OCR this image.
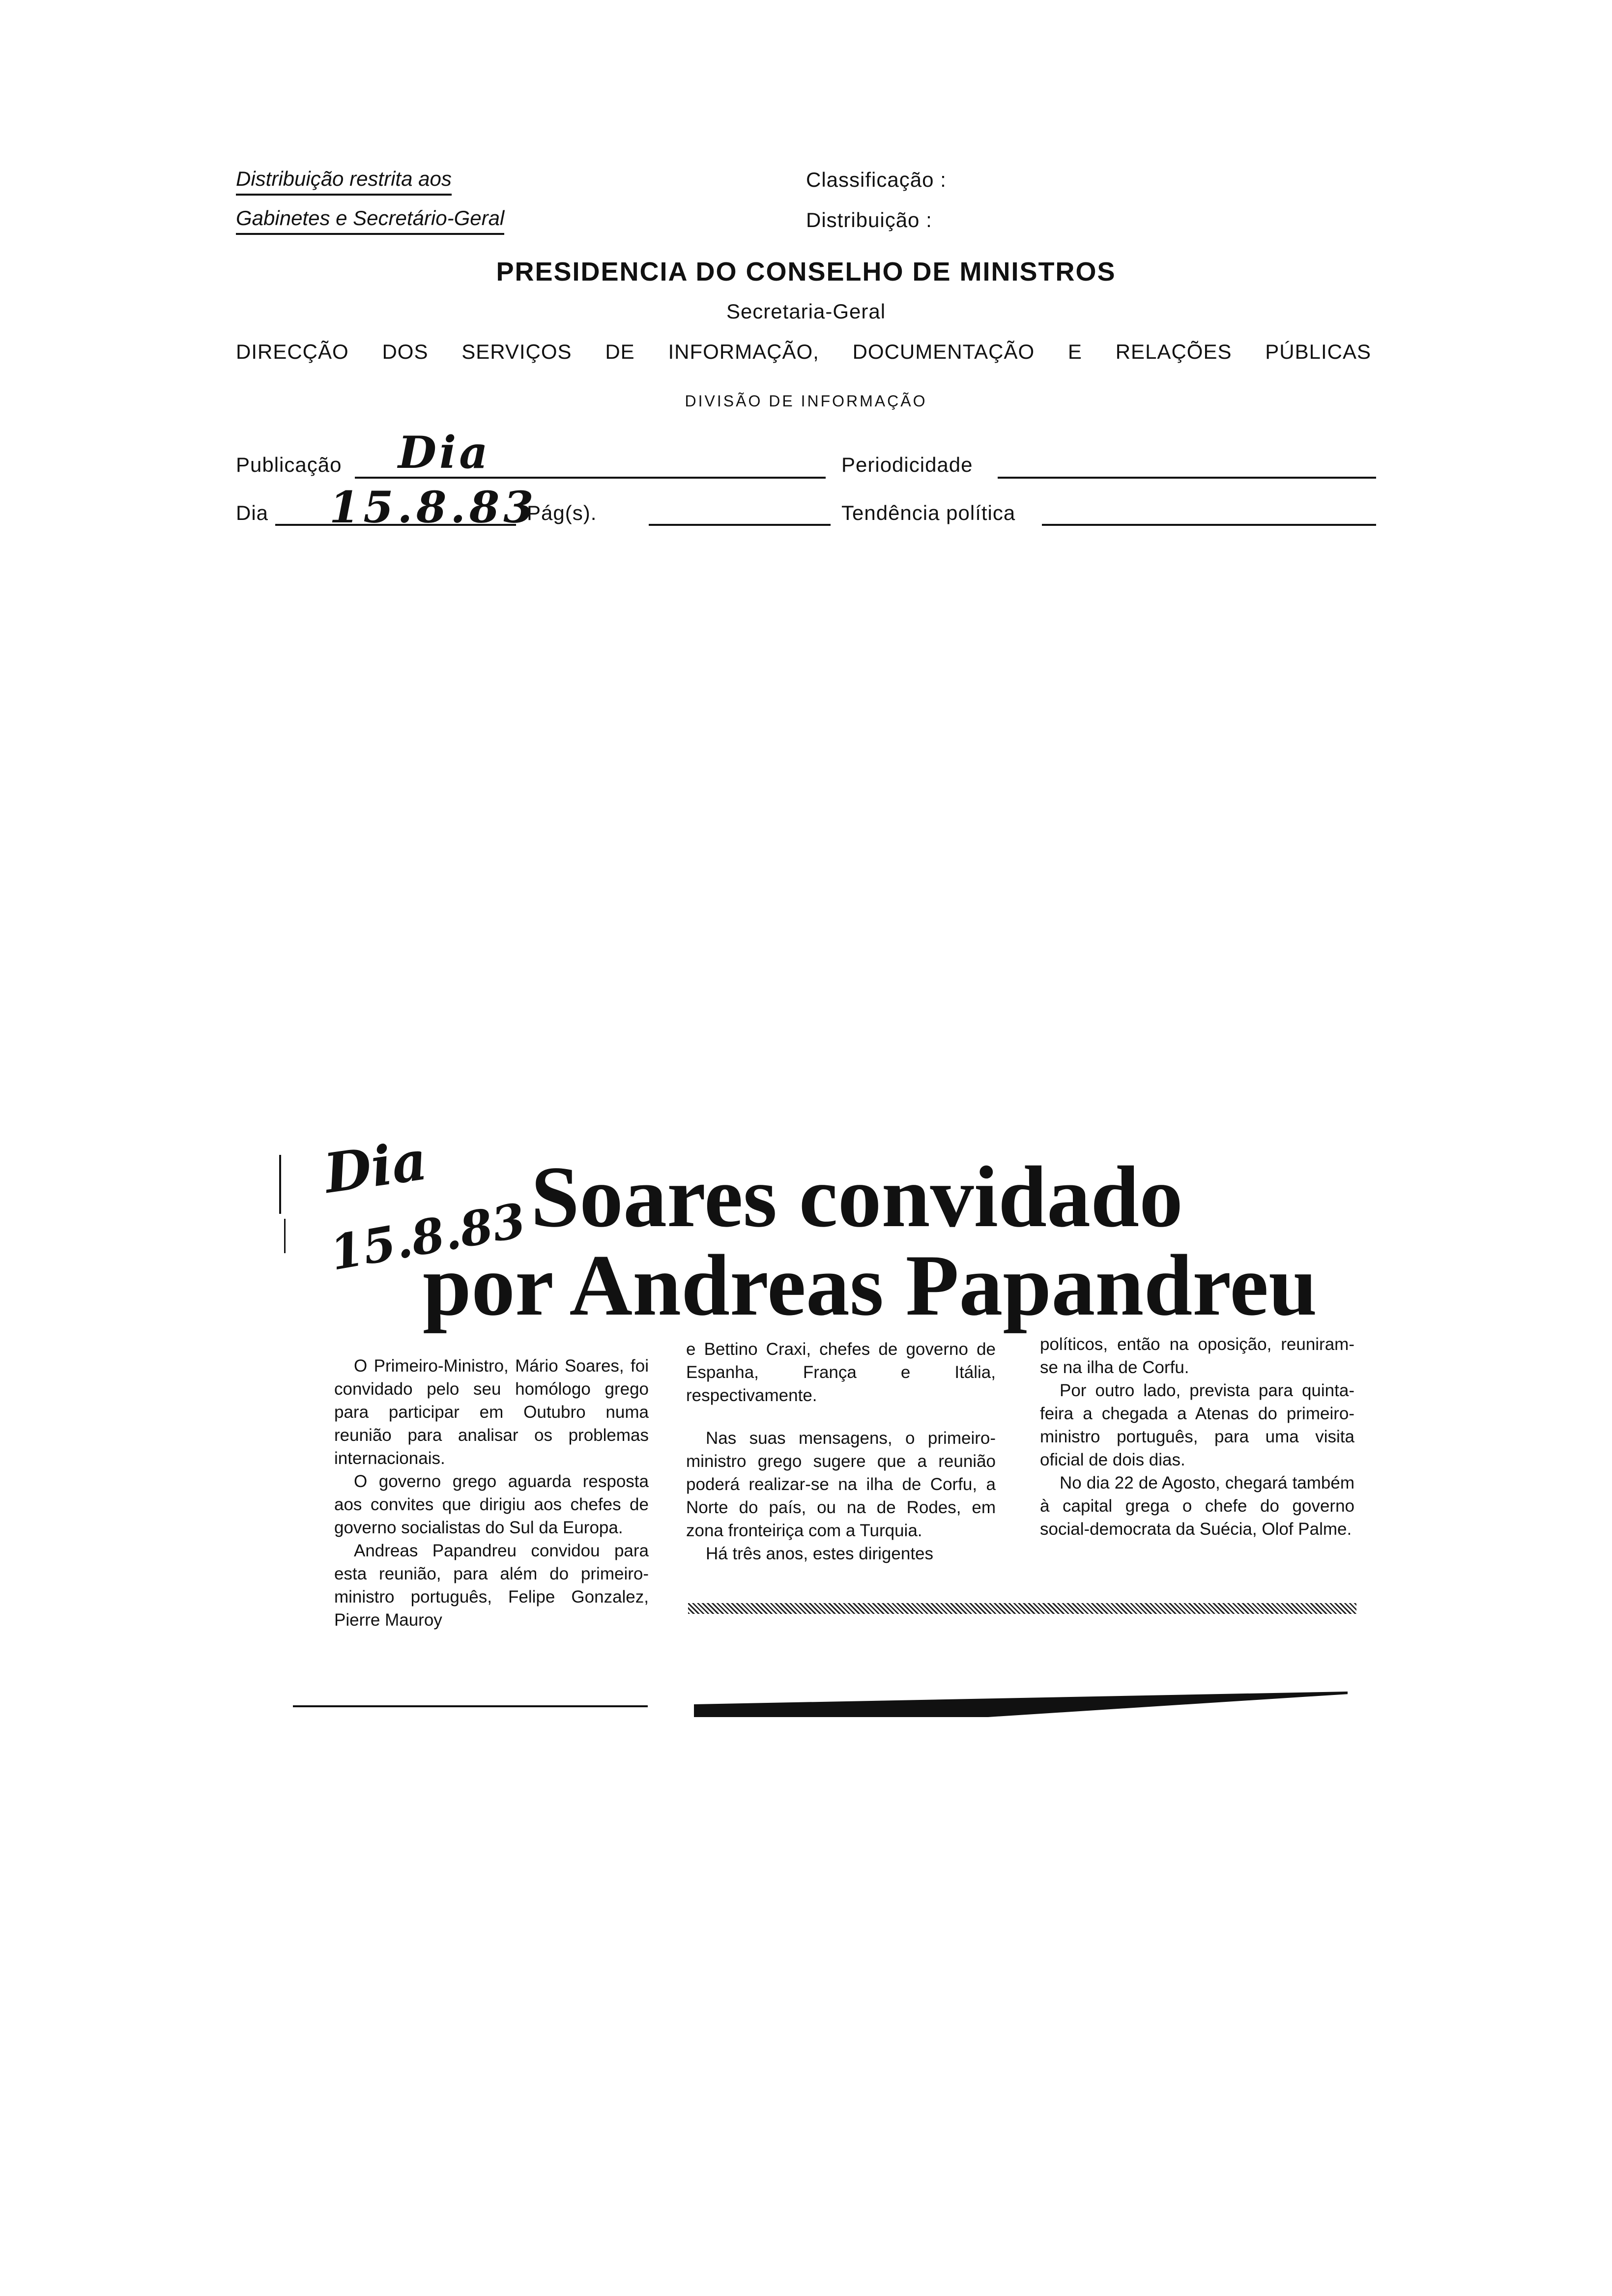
Distribuição restrita aos
Gabinetes e Secretário-Geral
Classificação :
Distribuição :
PRESIDENCIA DO CONSELHO DE MINISTROS
Secretaria-Geral
DIRECÇÃO DOS SERVIÇOS DE INFORMAÇÃO, DOCUMENTAÇÃO E RELAÇÕES PÚBLICAS
DIVISÃO DE INFORMAÇÃO
Publicação Dia	Periodicidade
Dia 15.8.83
Pág(s).	Tendência política
Dia
15.8.83 Soares convidado
por Andreas Papandreu

O Primeiro-Ministro, Mário Soares, foi convidado pelo seu homólogo grego para participar em Outubro numa reunião para analisar os problemas internacionais.

O governo grego aguarda resposta aos convites que dirigiu aos chefes de governo socialistas do Sul da Europa.

Andreas Papandreu convidou para esta reunião, para além do primeiro-ministro português, Felipe Gonzalez, Pierre Mauroy

e Bettino Craxi, chefes de governo de Espanha, França e Itália, respectivamente.

Nas suas mensagens, o primeiro-ministro grego sugere que a reunião poderá realizar-se na ilha de Corfu, a Norte do país, ou na de Rodes, em zona fronteiriça com a Turquia.

Há três anos, estes dirigentes

políticos, então na oposição, reuniram-se na ilha de Corfu.

Por outro lado, prevista para quinta-feira a chegada a Atenas do primeiro-ministro português, para uma visita oficial de dois dias.

No dia 22 de Agosto, chegará também à capital grega o chefe do governo social-democrata da Suécia, Olof Palme.
